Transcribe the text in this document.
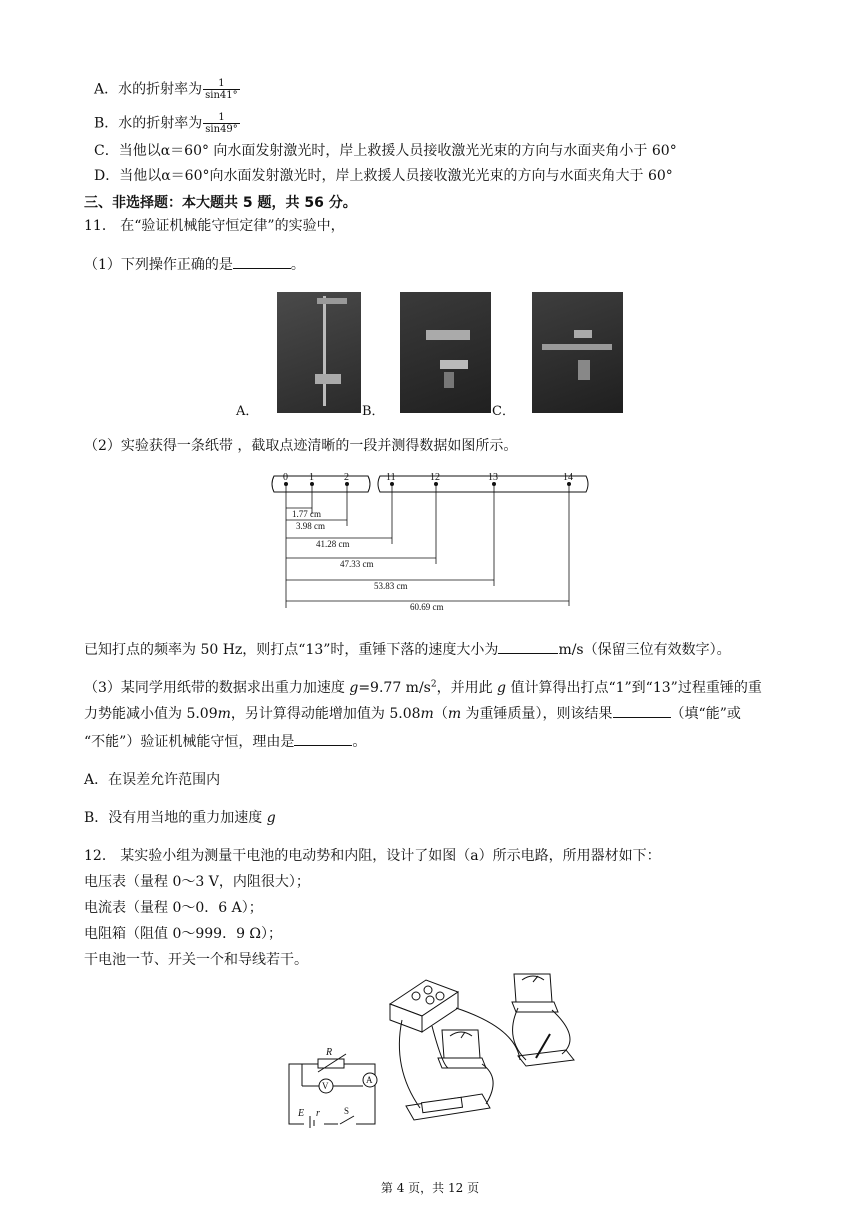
A．水的折射率为 $\frac{1}{\sin 41^\circ}$
B．水的折射率为 $\frac{1}{\sin 49^\circ}$
C．当他以α＝60° 向水面发射激光时，岸上救援人员接收激光光束的方向与水面夹角小于 60°
D．当他以α＝60°向水面发射激光时，岸上救援人员接收激光光束的方向与水面夹角大于 60°
三、非选择题：本大题共 5 题，共 56 分。
11． 在“验证机械能守恒定律”的实验中，
（1）下列操作正确的是	。
A．	B．	C．
（2）实验获得一条纸带 ，截取点迹清晰的一段并测得数据如图所示。
0 1	2	11	12	13	14
1.77 cm
3.98 cm
41.28 cm
47.33 cm
53.83 cm
60.69 cm
已知打点的频率为 50 Hz，则打点“13”时，重锤下落的速度大小为	m/s（保留三位有效数字）。
（3）某同学用纸带的数据求出重力加速度 g=9.77 $m/s^2$，并用此 g 值计算得出打点“1”到“13”过程重锤的重
力势能减小值为 5.09m，另计算得动能增加值为 5.08m（m 为重锤质量），则该结果	（填“能”或
“不能”）验证机械能守恒，理由是	。
A．在误差允许范围内
B．没有用当地的重力加速度 g
12． 某实验小组为测量干电池的电动势和内阻，设计了如图（a）所示电路，所用器材如下：
电压表（量程 0～3 V，内阻很大）；
电流表（量程 0～0．6 A）；
电阻箱（阻值 0～999．9 Ω）；
干电池一节、开关一个和导线若干。
R
E r
V
A
S
第 4 页，共 12 页
